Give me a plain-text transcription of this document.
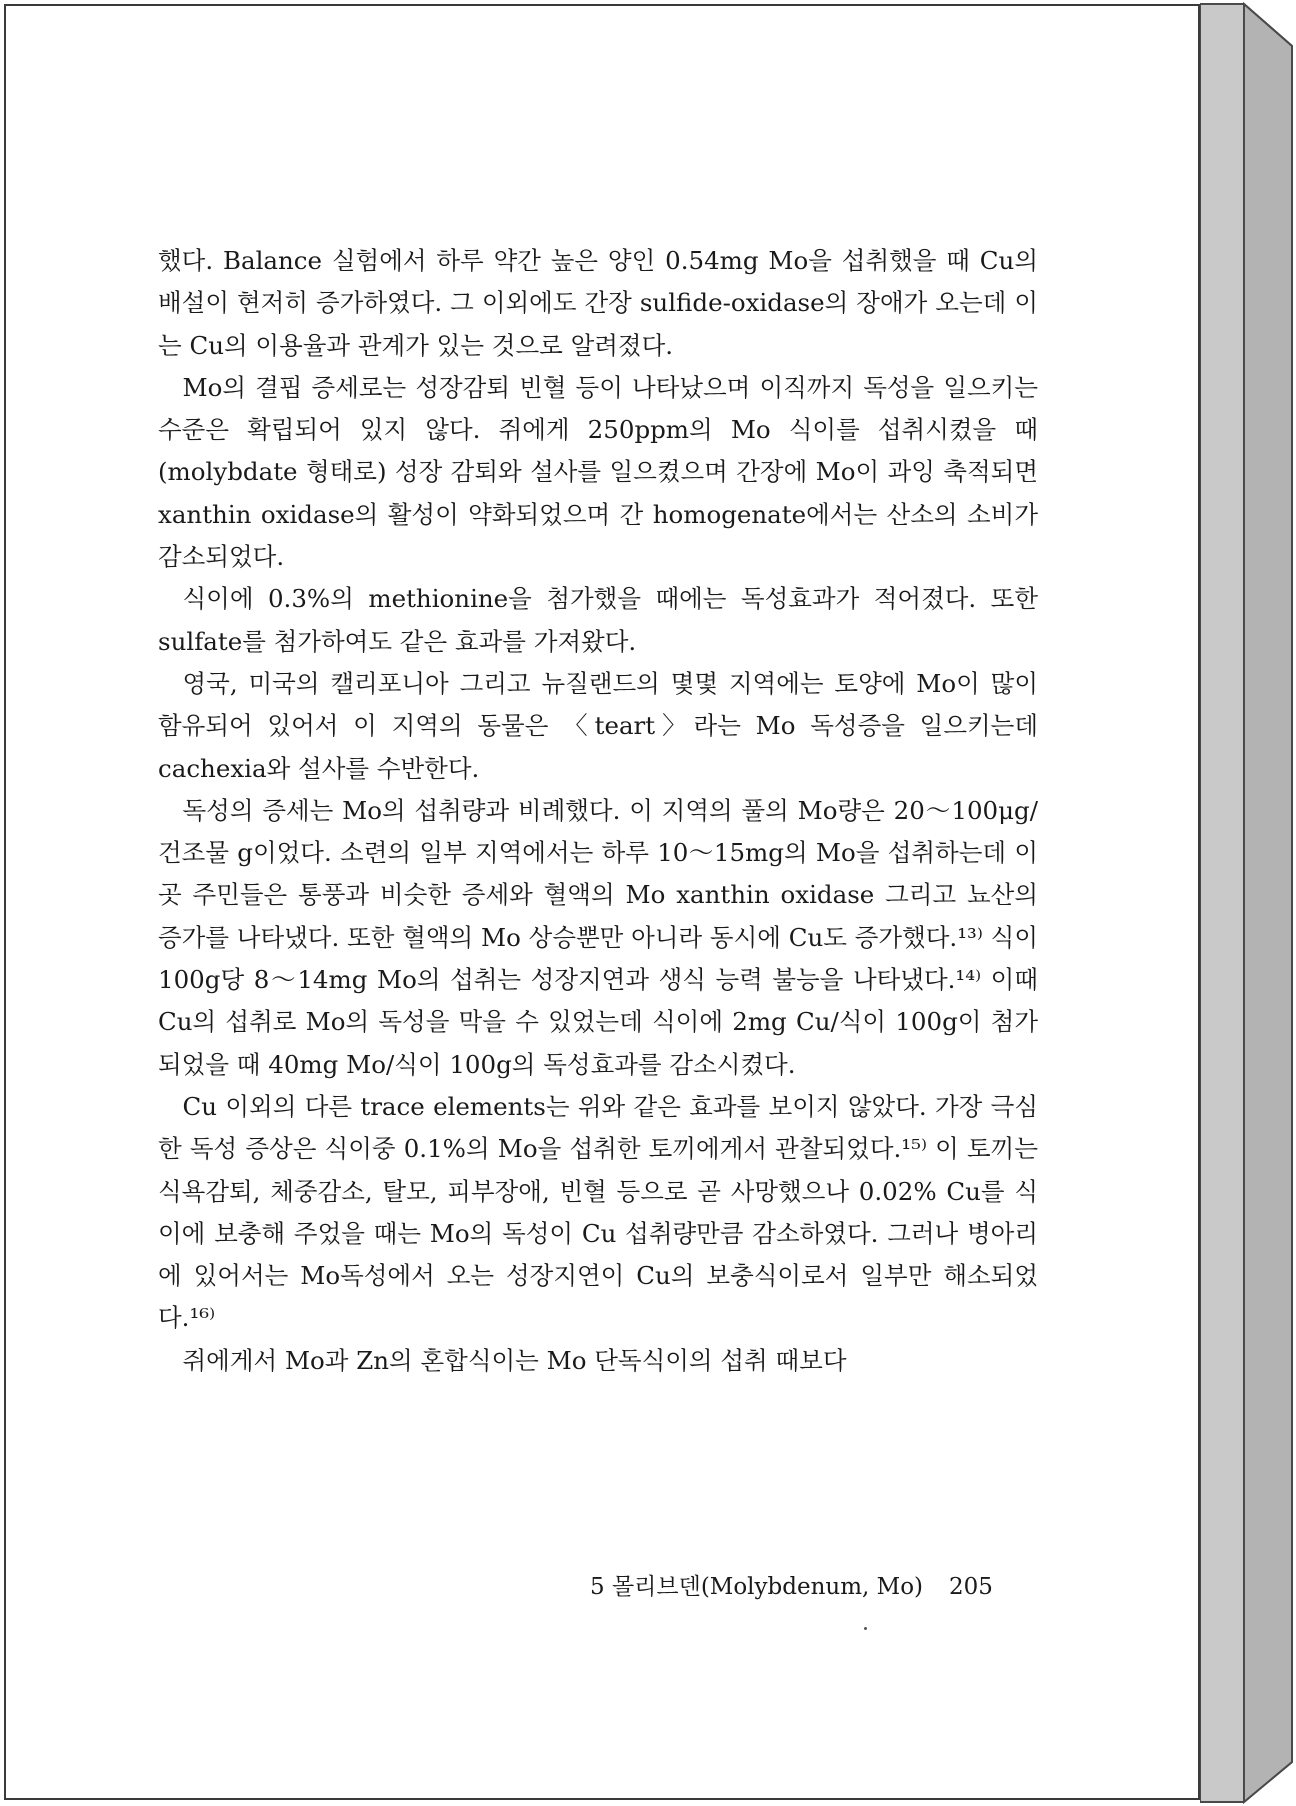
했다. Balance 실험에서 하루 약간 높은 양인 0.54mg Mo을 섭취했을 때 Cu의 배설이 현저히 증가하였다. 그 이외에도 간장 sulfide-oxidase의 장애가 오는데 이는 Cu의 이용율과 관계가 있는 것으로 알려졌다.

Mo의 결핍 증세로는 성장감퇴 빈혈 등이 나타났으며 이직까지 독성을 일으키는 수준은 확립되어 있지 않다. 쥐에게 250ppm의 Mo 식이를 섭취시켰을 때(molybdate 형태로) 성장 감퇴와 설사를 일으켰으며 간장에 Mo이 과잉 축적되면 xanthin oxidase의 활성이 약화되었으며 간 homogenate에서는 산소의 소비가 감소되었다.

식이에 0.3%의 methionine을 첨가했을 때에는 독성효과가 적어졌다. 또한 sulfate를 첨가하여도 같은 효과를 가져왔다.

영국, 미국의 캘리포니아 그리고 뉴질랜드의 몇몇 지역에는 토양에 Mo이 많이 함유되어 있어서 이 지역의 동물은 〈teart〉라는 Mo 독성증을 일으키는데 cachexia와 설사를 수반한다.

독성의 증세는 Mo의 섭취량과 비례했다. 이 지역의 풀의 Mo량은 20～100μg/건조물 g이었다. 소련의 일부 지역에서는 하루 10～15mg의 Mo을 섭취하는데 이곳 주민들은 통풍과 비슷한 증세와 혈액의 Mo xanthin oxidase 그리고 뇨산의 증가를 나타냈다. 또한 혈액의 Mo 상승뿐만 아니라 동시에 Cu도 증가했다.¹³⁾ 식이 100g당 8～14mg Mo의 섭취는 성장지연과 생식 능력 불능을 나타냈다.¹⁴⁾ 이때 Cu의 섭취로 Mo의 독성을 막을 수 있었는데 식이에 2mg Cu/식이 100g이 첨가되었을 때 40mg Mo/식이 100g의 독성효과를 감소시켰다.

Cu 이외의 다른 trace elements는 위와 같은 효과를 보이지 않았다. 가장 극심한 독성 증상은 식이중 0.1%의 Mo을 섭취한 토끼에게서 관찰되었다.¹⁵⁾ 이 토끼는 식욕감퇴, 체중감소, 탈모, 피부장애, 빈혈 등으로 곧 사망했으나 0.02% Cu를 식이에 보충해 주었을 때는 Mo의 독성이 Cu 섭취량만큼 감소하였다. 그러나 병아리에 있어서는 Mo독성에서 오는 성장지연이 Cu의 보충식이로서 일부만 해소되었다.¹⁶⁾

쥐에게서 Mo과 Zn의 혼합식이는 Mo 단독식이의 섭취 때보다

5 몰리브덴(Molybdenum, Mo) 205
